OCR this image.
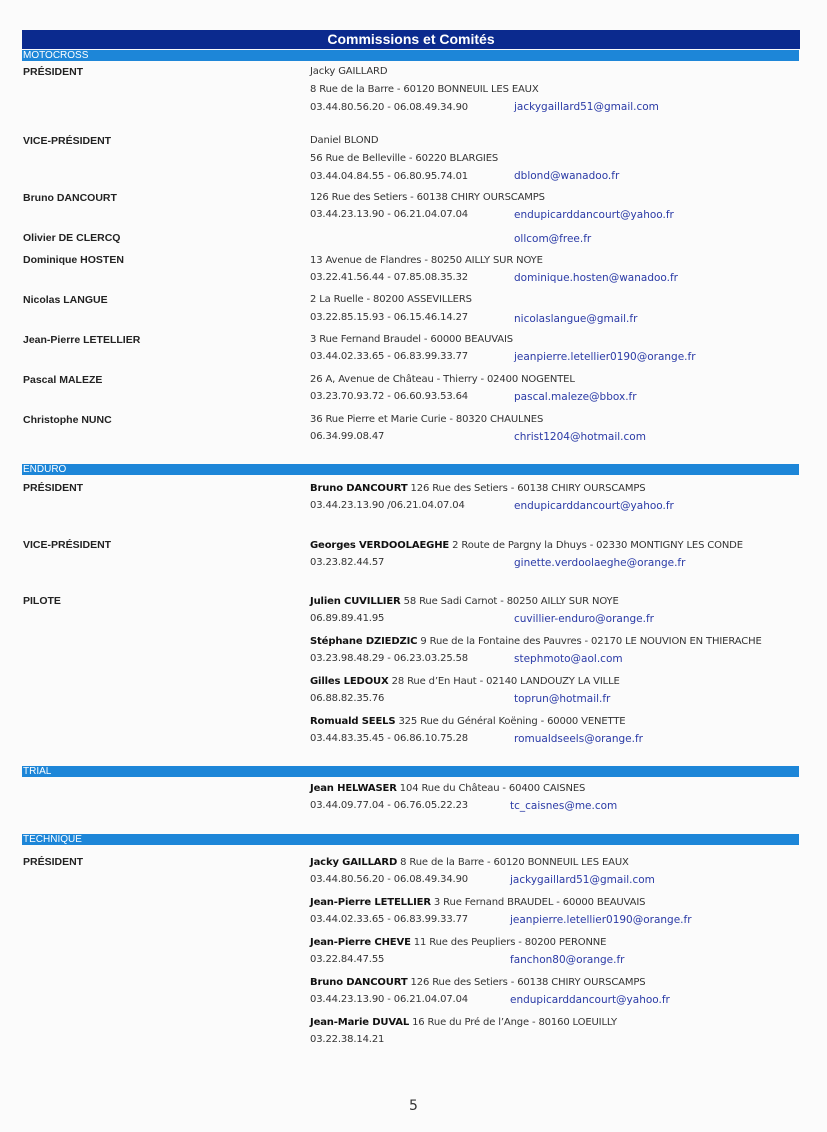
Commissions et Comités
MOTOCROSS
PRÉSIDENT	Jacky GAILLARD
8 Rue de la Barre - 60120 BONNEUIL LES EAUX
03.44.80.56.20 - 06.08.49.34.90	jackygaillard51@gmail.com
VICE-PRÉSIDENT	Daniel BLOND
56 Rue de Belleville - 60220 BLARGIES
03.44.04.84.55 - 06.80.95.74.01	dblond@wanadoo.fr
Bruno DANCOURT	126 Rue des Setiers - 60138 CHIRY OURSCAMPS
03.44.23.13.90 - 06.21.04.07.04	endupicarddancourt@yahoo.fr
Olivier DE CLERCQ	ollcom@free.fr
Dominique HOSTEN	13 Avenue de Flandres - 80250 AILLY SUR NOYE
03.22.41.56.44 - 07.85.08.35.32	dominique.hosten@wanadoo.fr
Nicolas LANGUE	2 La Ruelle - 80200 ASSEVILLERS
03.22.85.15.93 - 06.15.46.14.27	nicolaslangue@gmail.fr
Jean-Pierre LETELLIER	3 Rue Fernand Braudel - 60000 BEAUVAIS
03.44.02.33.65 - 06.83.99.33.77	jeanpierre.letellier0190@orange.fr
Pascal MALEZE	26 A, Avenue de Château - Thierry - 02400 NOGENTEL
03.23.70.93.72 - 06.60.93.53.64	pascal.maleze@bbox.fr
Christophe NUNC	36 Rue Pierre et Marie Curie - 80320 CHAULNES
06.34.99.08.47	christ1204@hotmail.com
ENDURO
PRÉSIDENT	Bruno DANCOURT 126 Rue des Setiers - 60138 CHIRY OURSCAMPS
03.44.23.13.90 /06.21.04.07.04	endupicarddancourt@yahoo.fr
VICE-PRÉSIDENT	Georges VERDOOLAEGHE 2 Route de Pargny la Dhuys - 02330 MONTIGNY LES CONDE
03.23.82.44.57	ginette.verdoolaeghe@orange.fr
PILOTE	Julien CUVILLIER 58 Rue Sadi Carnot - 80250 AILLY SUR NOYE
06.89.89.41.95	cuvillier-enduro@orange.fr
Stéphane DZIEDZIC 9 Rue de la Fontaine des Pauvres - 02170 LE NOUVION EN THIERACHE
03.23.98.48.29 - 06.23.03.25.58	stephmoto@aol.com
Gilles LEDOUX 28 Rue d’En Haut - 02140 LANDOUZY LA VILLE
06.88.82.35.76	toprun@hotmail.fr
Romuald SEELS 325 Rue du Général Koëning - 60000 VENETTE
03.44.83.35.45 - 06.86.10.75.28	romualdseels@orange.fr
TRIAL
Jean HELWASER 104 Rue du Château - 60400 CAISNES
03.44.09.77.04 - 06.76.05.22.23	tc_caisnes@me.com
TECHNIQUE
PRÉSIDENT	Jacky GAILLARD 8 Rue de la Barre - 60120 BONNEUIL LES EAUX
03.44.80.56.20 - 06.08.49.34.90	jackygaillard51@gmail.com
Jean-Pierre LETELLIER 3 Rue Fernand BRAUDEL - 60000 BEAUVAIS
03.44.02.33.65 - 06.83.99.33.77	jeanpierre.letellier0190@orange.fr
Jean-Pierre CHEVE 11 Rue des Peupliers - 80200 PERONNE
03.22.84.47.55	fanchon80@orange.fr
Bruno DANCOURT 126 Rue des Setiers - 60138 CHIRY OURSCAMPS
03.44.23.13.90 - 06.21.04.07.04	endupicarddancourt@yahoo.fr
Jean-Marie DUVAL 16 Rue du Pré de l’Ange - 80160 LOEUILLY
03.22.38.14.21
5
